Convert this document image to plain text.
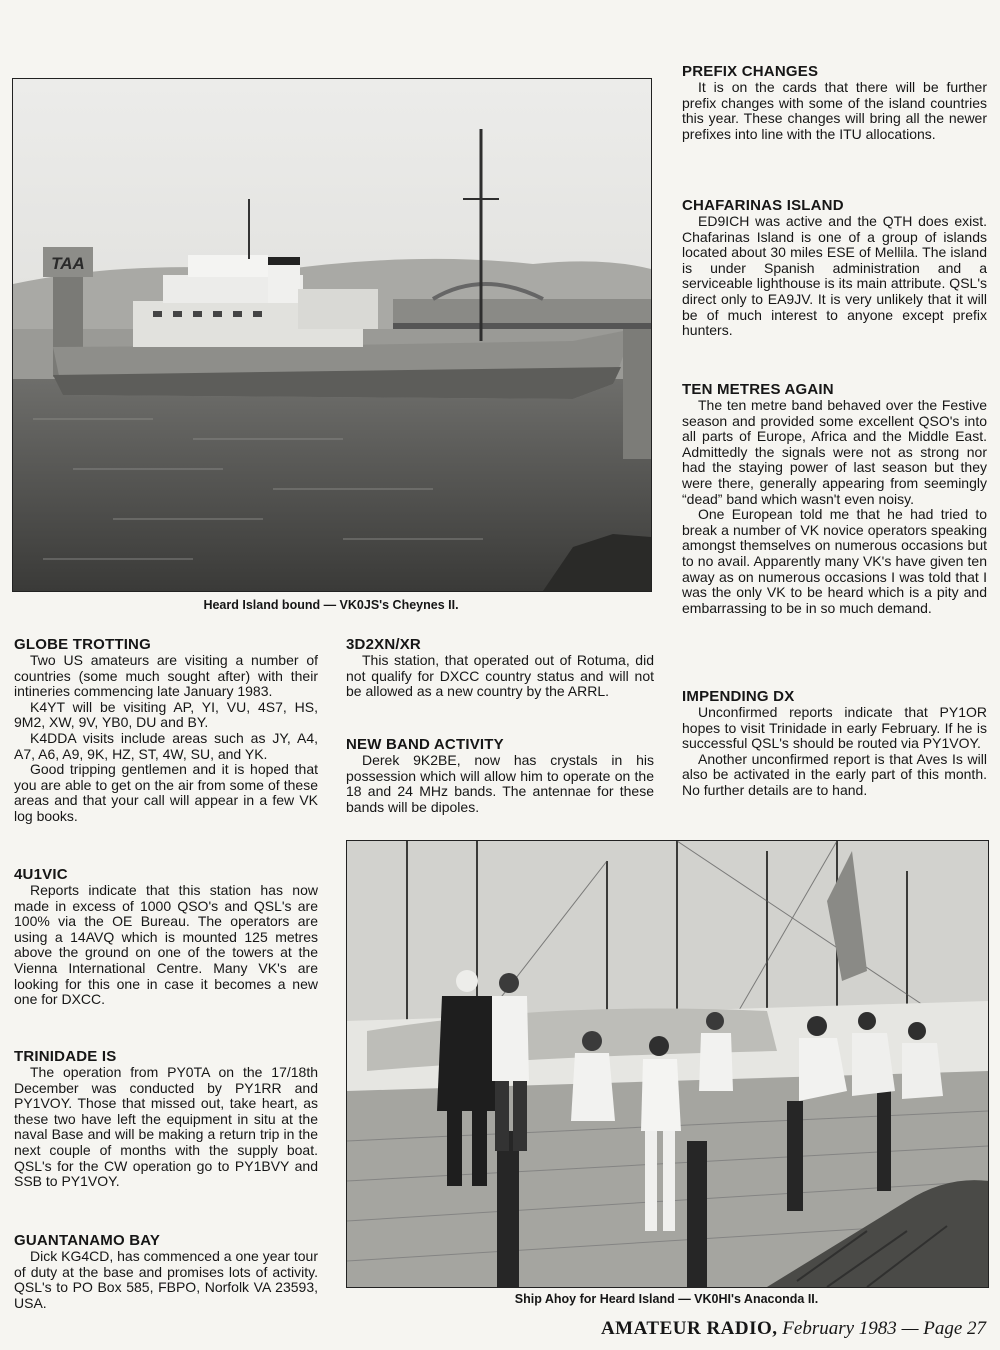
TAA
Heard Island bound — VK0JS's Cheynes II.
PREFIX CHANGES

It is on the cards that there will be further prefix changes with some of the island countries this year. These changes will bring all the newer prefixes into line with the ITU allocations.

CHAFARINAS ISLAND

ED9ICH was active and the QTH does exist. Chafarinas Island is one of a group of islands located about 30 miles ESE of Mellila. The island is under Spanish administration and a serviceable lighthouse is its main attribute. QSL's direct only to EA9JV. It is very unlikely that it will be of much interest to anyone except prefix hunters.

TEN METRES AGAIN

The ten metre band behaved over the Festive season and provided some excellent QSO's into all parts of Europe, Africa and the Middle East. Admittedly the signals were not as strong nor had the staying power of last season but they were there, generally appearing from seemingly “dead” band which wasn't even noisy.

One European told me that he had tried to break a number of VK novice operators speaking amongst themselves on numerous occasions but to no avail. Apparently many VK's have given ten away as on numerous occasions I was told that I was the only VK to be heard which is a pity and embarrassing to be in so much demand.

IMPENDING DX

Unconfirmed reports indicate that PY1OR hopes to visit Trinidade in early February. If he is successful QSL's should be routed via PY1VOY.

Another unconfirmed report is that Aves Is will also be activated in the early part of this month. No further details are to hand.

GLOBE TROTTING

Two US amateurs are visiting a number of countries (some much sought after) with their intineries commencing late January 1983.

K4YT will be visiting AP, YI, VU, 4S7, HS, 9M2, XW, 9V, YB0, DU and BY.

K4DDA visits include areas such as JY, A4, A7, A6, A9, 9K, HZ, ST, 4W, SU, and YK.

Good tripping gentlemen and it is hoped that you are able to get on the air from some of these areas and that your call will appear in a few VK log books.

4U1VIC

Reports indicate that this station has now made in excess of 1000 QSO's and QSL's are 100% via the OE Bureau. The operators are using a 14AVQ which is mounted 125 metres above the ground on one of the towers at the Vienna International Centre. Many VK's are looking for this one in case it becomes a new one for DXCC.

TRINIDADE IS

The operation from PY0TA on the 17/18th December was conducted by PY1RR and PY1VOY. Those that missed out, take heart, as these two have left the equipment in situ at the naval Base and will be making a return trip in the next couple of months with the supply boat. QSL's for the CW operation go to PY1BVY and SSB to PY1VOY.

GUANTANAMO BAY

Dick KG4CD, has commenced a one year tour of duty at the base and promises lots of activity. QSL's to PO Box 585, FBPO, Norfolk VA 23593, USA.

3D2XN/XR

This station, that operated out of Rotuma, did not qualify for DXCC country status and will not be allowed as a new country by the ARRL.

NEW BAND ACTIVITY

Derek 9K2BE, now has crystals in his possession which will allow him to operate on the 18 and 24 MHz bands. The antennae for these bands will be dipoles.

Ship Ahoy for Heard Island — VK0HI's Anaconda II.
AMATEUR RADIO, February 1983 — Page 27
